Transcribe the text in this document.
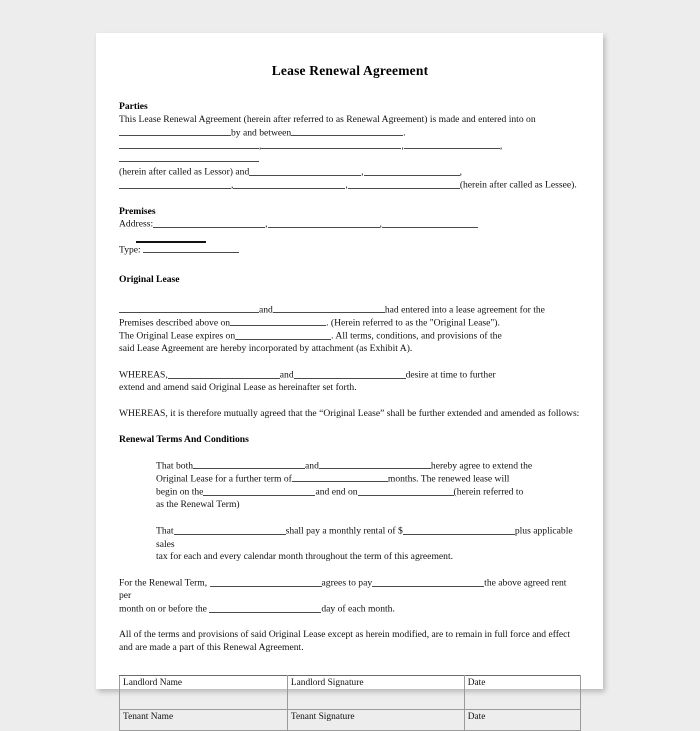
Lease Renewal Agreement
Parties
This Lease Renewal Agreement (herein after referred to as Renewal Agreement) is made and entered into on
by and between	.
,	,	,
(herein after called as Lessor) and	,	,
,	,	(herein after called as Lessee).
Premises
Address:	,	,
Type:
Original Lease
and	had entered into a lease agreement for the
Premises described above on	. (Herein referred to as the "Original Lease").
The Original Lease expires on	. All terms, conditions, and provisions of the
said Lease Agreement are hereby incorporated by attachment (as Exhibit A).
WHEREAS,	and	desire at time to further
extend and amend said Original Lease as hereinafter set forth.
WHEREAS, it is therefore mutually agreed that the “Original Lease” shall be further extended and amended as follows:
Renewal Terms And Conditions
That both	and	hereby agree to extend the
Original Lease for a further term of	months. The renewed lease will
begin on the	and end on	(herein referred to
as the Renewal Term)
That	shall pay a monthly rental of $	plus applicable sales
tax for each and every calendar month throughout the term of this agreement.
For the Renewal Term,	agrees to pay	the above agreed rent per
month on or before the	day of each month.
All of the terms and provisions of said Original Lease except as herein modified, are to remain in full force and effect and are made a part of this Renewal Agreement.
Landlord Name	Landlord Signature	Date
Tenant Name	Tenant Signature	Date
